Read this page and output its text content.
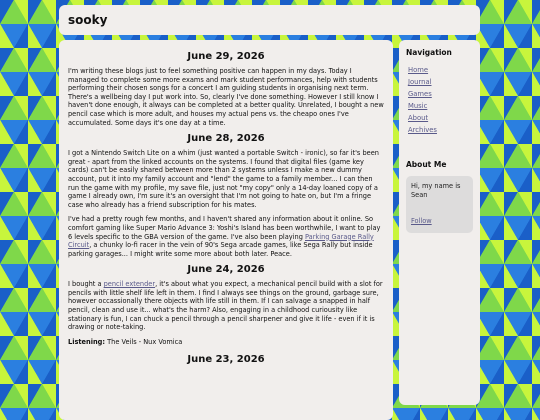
sooky
June 29, 2026

I'm writing these blogs just to feel something positive can happen in my days. Today I managed to complete some more exams and mark student performances, help with students performing their chosen songs for a concert I am guiding students in organising next term. There's a wellbeing day I put work into. So, clearly I've done something. However I still know I haven't done enough, it always can be completed at a better quality. Unrelated, I bought a new pencil case which is more adult, and houses my actual pens vs. the cheapo ones I've accumulated. Some days it's one day at a time.

June 28, 2026

I got a Nintendo Switch Lite on a whim (just wanted a portable Switch - ironic), so far it's been great - apart from the linked accounts on the systems. I found that digital files (game key cards) can't be easily shared between more than 2 systems unless I make a new dummy account, put it into my family account and "lend" the game to a family member... I can then run the game with my profile, my save file, just not "my copy" only a 14-day loaned copy of a game I already own, I'm sure it's an oversight that I'm not going to hate on, but I'm a fringe case who already has a friend subscription for his mates.

I've had a pretty rough few months, and I haven't shared any information about it online. So comfort gaming like Super Mario Advance 3: Yoshi's Island has been worthwhile, I want to play 6 levels specific to the GBA version of the game. I've also been playing Parking Garage Rally Circuit, a chunky lo-fi racer in the vein of 90's Sega arcade games, like Sega Rally but inside parking garages... I might write some more about both later. Peace.

June 24, 2026

I bought a pencil extender, it's about what you expect, a mechanical pencil build with a slot for pencils with little shelf life left in them. I find I always see things on the ground, garbage sure, however occassionally there objects with life still in them. If I can salvage a snapped in half pencil, clean and use it... what's the harm? Also, engaging in a childhood curiousity like stationary is fun, I can chuck a pencil through a pencil sharpener and give it life - even if it is drawing or note-taking.

Listening: The Veils - Nux Vomica

June 23, 2026
Navigation
Home
Journal
Games
Music
About
Archives
About Me

Hi, my name is Sean

Follow
